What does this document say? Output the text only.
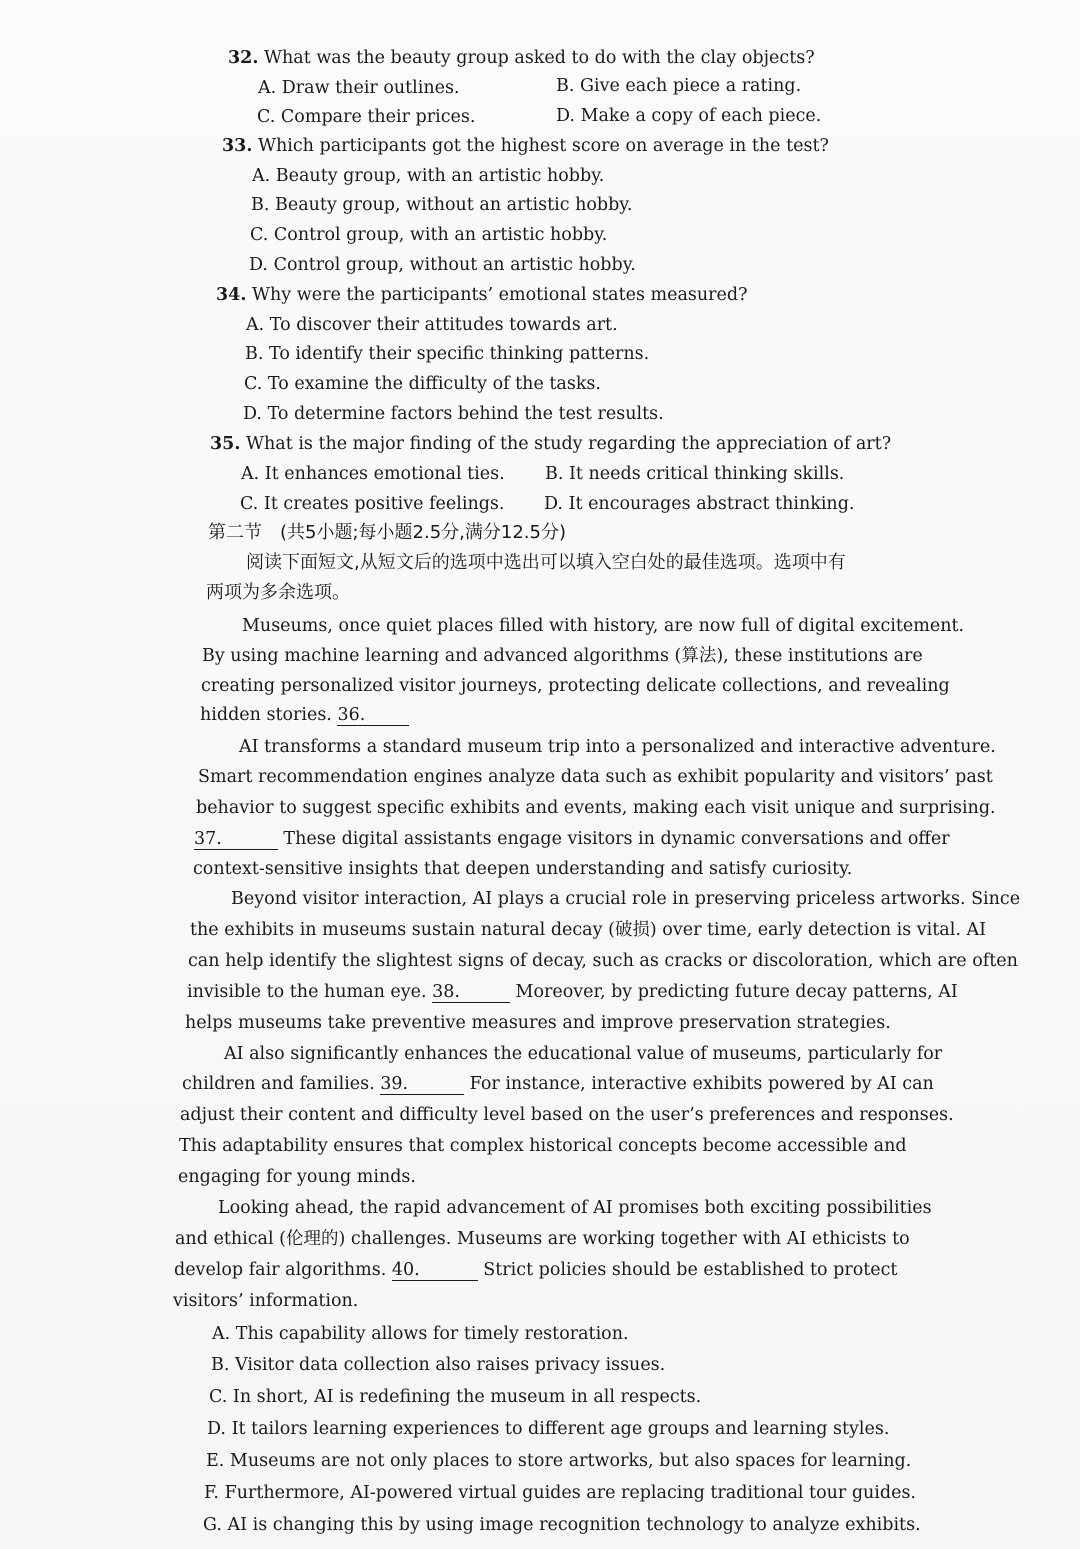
32. What was the beauty group asked to do with the clay objects?
A. Draw their outlines.	B. Give each piece a rating.
C. Compare their prices.	D. Make a copy of each piece.
33. Which participants got the highest score on average in the test?
A. Beauty group, with an artistic hobby.
B. Beauty group, without an artistic hobby.
C. Control group, with an artistic hobby.
D. Control group, without an artistic hobby.
34. Why were the participants’ emotional states measured?
A. To discover their attitudes towards art.
B. To identify their specific thinking patterns.
C. To examine the difficulty of the tasks.
D. To determine factors behind the test results.
35. What is the major finding of the study regarding the appreciation of art?
A. It enhances emotional ties. B. It needs critical thinking skills.
C. It creates positive feelings. D. It encourages abstract thinking.
第二节　(共5小题;每小题2.5分,满分12.5分)
阅读下面短文,从短文后的选项中选出可以填入空白处的最佳选项。选项中有
两项为多余选项。
Museums, once quiet places filled with history, are now full of digital excitement.
By using machine learning and advanced algorithms (算法), these institutions are
creating personalized visitor journeys, protecting delicate collections, and revealing
hidden stories. 36.
AI transforms a standard museum trip into a personalized and interactive adventure.
Smart recommendation engines analyze data such as exhibit popularity and visitors’ past
behavior to suggest specific exhibits and events, making each visit unique and surprising.
37.	These digital assistants engage visitors in dynamic conversations and offer
context-sensitive insights that deepen understanding and satisfy curiosity.
Beyond visitor interaction, AI plays a crucial role in preserving priceless artworks. Since
the exhibits in museums sustain natural decay (破损) over time, early detection is vital. AI
can help identify the slightest signs of decay, such as cracks or discoloration, which are often
invisible to the human eye. 38.	Moreover, by predicting future decay patterns, AI
helps museums take preventive measures and improve preservation strategies.
AI also significantly enhances the educational value of museums, particularly for
children and families. 39.	For instance, interactive exhibits powered by AI can
adjust their content and difficulty level based on the user’s preferences and responses.
This adaptability ensures that complex historical concepts become accessible and
engaging for young minds.
Looking ahead, the rapid advancement of AI promises both exciting possibilities
and ethical (伦理的) challenges. Museums are working together with AI ethicists to
develop fair algorithms. 40.	Strict policies should be established to protect
visitors’ information.
A. This capability allows for timely restoration.
B. Visitor data collection also raises privacy issues.
C. In short, AI is redefining the museum in all respects.
D. It tailors learning experiences to different age groups and learning styles.
E. Museums are not only places to store artworks, but also spaces for learning.
F. Furthermore, AI-powered virtual guides are replacing traditional tour guides.
G. AI is changing this by using image recognition technology to analyze exhibits.
